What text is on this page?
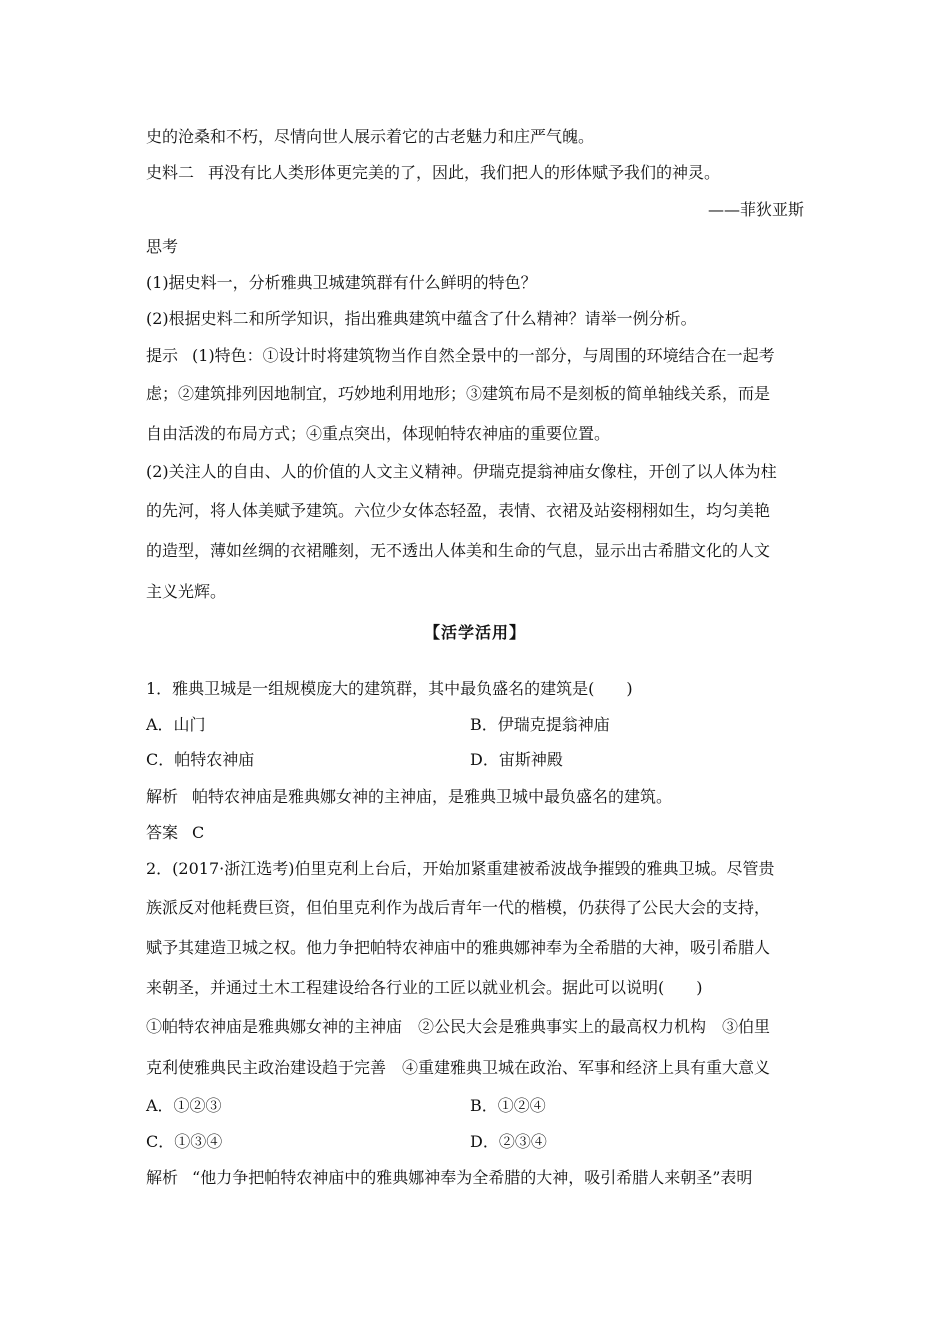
史的沧桑和不朽，尽情向世人展示着它的古老魅力和庄严气魄。
史料二 再没有比人类形体更完美的了，因此，我们把人的形体赋予我们的神灵。
——菲狄亚斯
思考
(1)据史料一，分析雅典卫城建筑群有什么鲜明的特色？
(2)根据史料二和所学知识，指出雅典建筑中蕴含了什么精神？请举一例分析。
提示 (1)特色：①设计时将建筑物当作自然全景中的一部分，与周围的环境结合在一起考
虑；②建筑排列因地制宜，巧妙地利用地形；③建筑布局不是刻板的简单轴线关系，而是
自由活泼的布局方式；④重点突出，体现帕特农神庙的重要位置。
(2)关注人的自由、人的价值的人文主义精神。伊瑞克提翁神庙女像柱，开创了以人体为柱
的先河，将人体美赋予建筑。六位少女体态轻盈，表情、衣裙及站姿栩栩如生，均匀美艳
的造型，薄如丝绸的衣裙雕刻，无不透出人体美和生命的气息，显示出古希腊文化的人文
主义光辉。
【活学活用】
1．雅典卫城是一组规模庞大的建筑群，其中最负盛名的建筑是(　　)
A．山门	B．伊瑞克提翁神庙
C．帕特农神庙	D．宙斯神殿
解析 帕特农神庙是雅典娜女神的主神庙，是雅典卫城中最负盛名的建筑。
答案 C
2．(2017·浙江选考)伯里克利上台后，开始加紧重建被希波战争摧毁的雅典卫城。尽管贵
族派反对他耗费巨资，但伯里克利作为战后青年一代的楷模，仍获得了公民大会的支持，
赋予其建造卫城之权。他力争把帕特农神庙中的雅典娜神奉为全希腊的大神，吸引希腊人
来朝圣，并通过土木工程建设给各行业的工匠以就业机会。据此可以说明(　　)
①帕特农神庙是雅典娜女神的主神庙　②公民大会是雅典事实上的最高权力机构　③伯里
克利使雅典民主政治建设趋于完善　④重建雅典卫城在政治、军事和经济上具有重大意义
A．①②③	B．①②④
C．①③④	D．②③④
解析 “他力争把帕特农神庙中的雅典娜神奉为全希腊的大神，吸引希腊人来朝圣”表明
